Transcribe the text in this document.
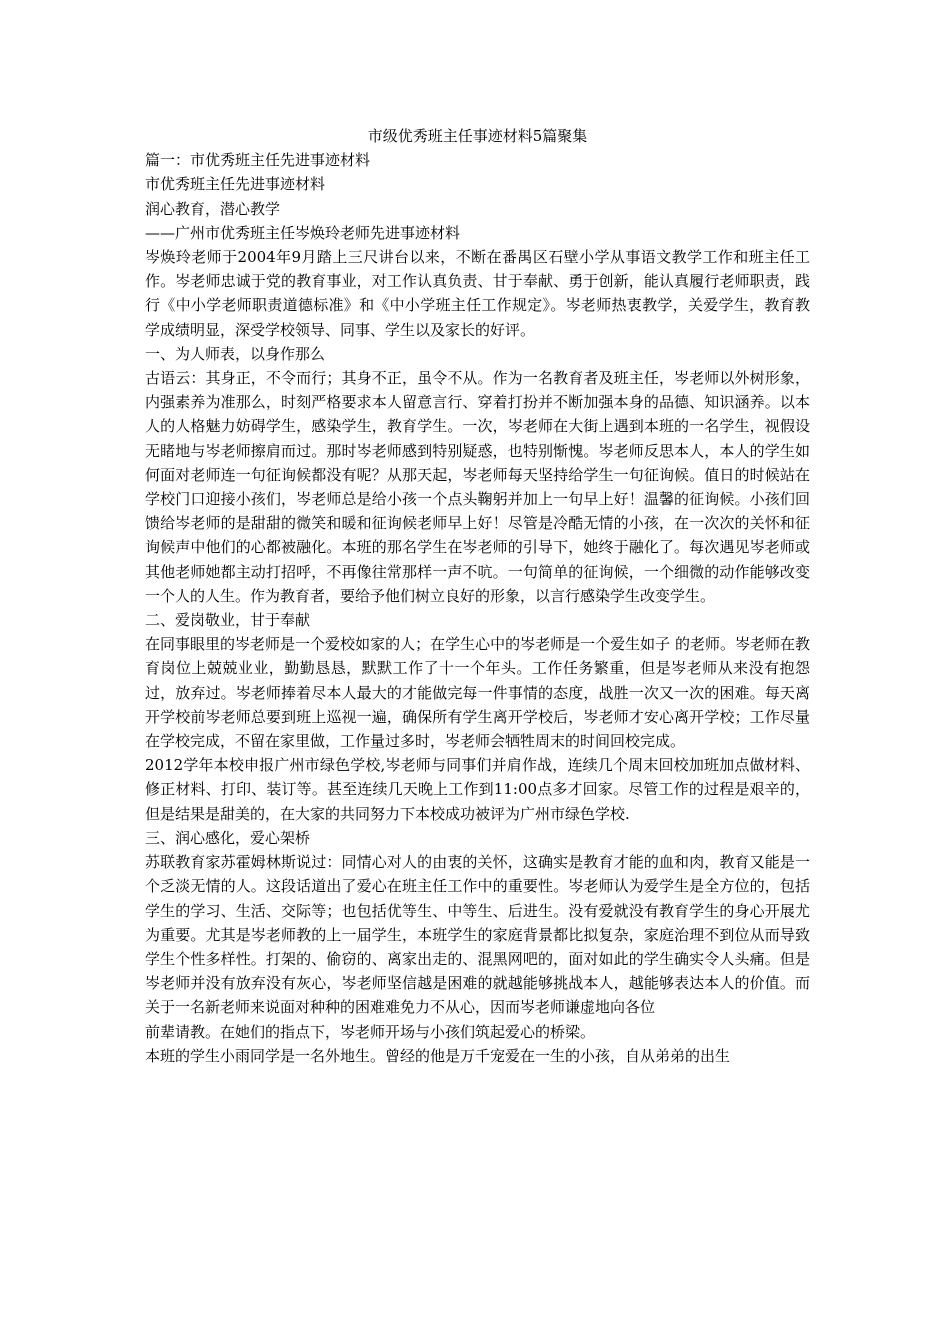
市级优秀班主任事迹材料5篇聚集

篇一：市优秀班主任先进事迹材料

市优秀班主任先进事迹材料

润心教育，潜心教学

——广州市优秀班主任岑焕玲老师先进事迹材料

岑焕玲老师于2004年9月踏上三尺讲台以来，不断在番禺区石壁小学从事语文教学工作和班主任工作。岑老师忠诚于党的教育事业，对工作认真负责、甘于奉献、勇于创新，能认真履行老师职责，践行《中小学老师职责道德标准》和《中小学班主任工作规定》。岑老师热衷教学，关爱学生，教育教学成绩明显，深受学校领导、同事、学生以及家长的好评。

一、为人师表，以身作那么

古语云：其身正，不令而行；其身不正，虽令不从。作为一名教育者及班主任，岑老师以外树形象，内强素养为准那么，时刻严格要求本人留意言行、穿着打扮并不断加强本身的品德、知识涵养。以本人的人格魅力妨碍学生，感染学生，教育学生。一次，岑老师在大街上遇到本班的一名学生，视假设无睹地与岑老师擦肩而过。那时岑老师感到特别疑惑，也特别惭愧。岑老师反思本人，本人的学生如何面对老师连一句征询候都没有呢？从那天起，岑老师每天坚持给学生一句征询候。值日的时候站在学校门口迎接小孩们，岑老师总是给小孩一个点头鞠躬并加上一句早上好！温馨的征询候。小孩们回馈给岑老师的是甜甜的微笑和暖和征询候老师早上好！尽管是冷酷无情的小孩，在一次次的关怀和征询候声中他们的心都被融化。本班的那名学生在岑老师的引导下，她终于融化了。每次遇见岑老师或其他老师她都主动打招呼，不再像往常那样一声不吭。一句简单的征询候，一个细微的动作能够改变一个人的人生。作为教育者，要给予他们树立良好的形象，以言行感染学生改变学生。

二、爱岗敬业，甘于奉献

在同事眼里的岑老师是一个爱校如家的人；在学生心中的岑老师是一个爱生如子 的老师。岑老师在教育岗位上兢兢业业，勤勤恳恳，默默工作了十一个年头。工作任务繁重，但是岑老师从来没有抱怨过，放弃过。岑老师捧着尽本人最大的才能做完每一件事情的态度，战胜一次又一次的困难。每天离开学校前岑老师总要到班上巡视一遍，确保所有学生离开学校后，岑老师才安心离开学校；工作尽量在学校完成，不留在家里做，工作量过多时，岑老师会牺牲周末的时间回校完成。

2012学年本校申报广州市绿色学校,岑老师与同事们并肩作战，连续几个周末回校加班加点做材料、修正材料、打印、装订等。甚至连续几天晚上工作到11:00点多才回家。尽管工作的过程是艰辛的，但是结果是甜美的，在大家的共同努力下本校成功被评为广州市绿色学校.

三、润心感化，爱心架桥

苏联教育家苏霍姆林斯说过：同情心对人的由衷的关怀，这确实是教育才能的血和肉，教育又能是一个乏淡无情的人。这段话道出了爱心在班主任工作中的重要性。岑老师认为爱学生是全方位的，包括学生的学习、生活、交际等；也包括优等生、中等生、后进生。没有爱就没有教育学生的身心开展尤为重要。尤其是岑老师教的上一届学生，本班学生的家庭背景都比拟复杂，家庭治理不到位从而导致学生个性多样性。打架的、偷窃的、离家出走的、混黑网吧的，面对如此的学生确实令人头痛。但是岑老师并没有放弃没有灰心，岑老师坚信越是困难的就越能够挑战本人，越能够表达本人的价值。而关于一名新老师来说面对种种的困难难免力不从心，因而岑老师谦虚地向各位

前辈请教。在她们的指点下，岑老师开场与小孩们筑起爱心的桥梁。

本班的学生小雨同学是一名外地生。曾经的他是万千宠爱在一生的小孩，自从弟弟的出生
